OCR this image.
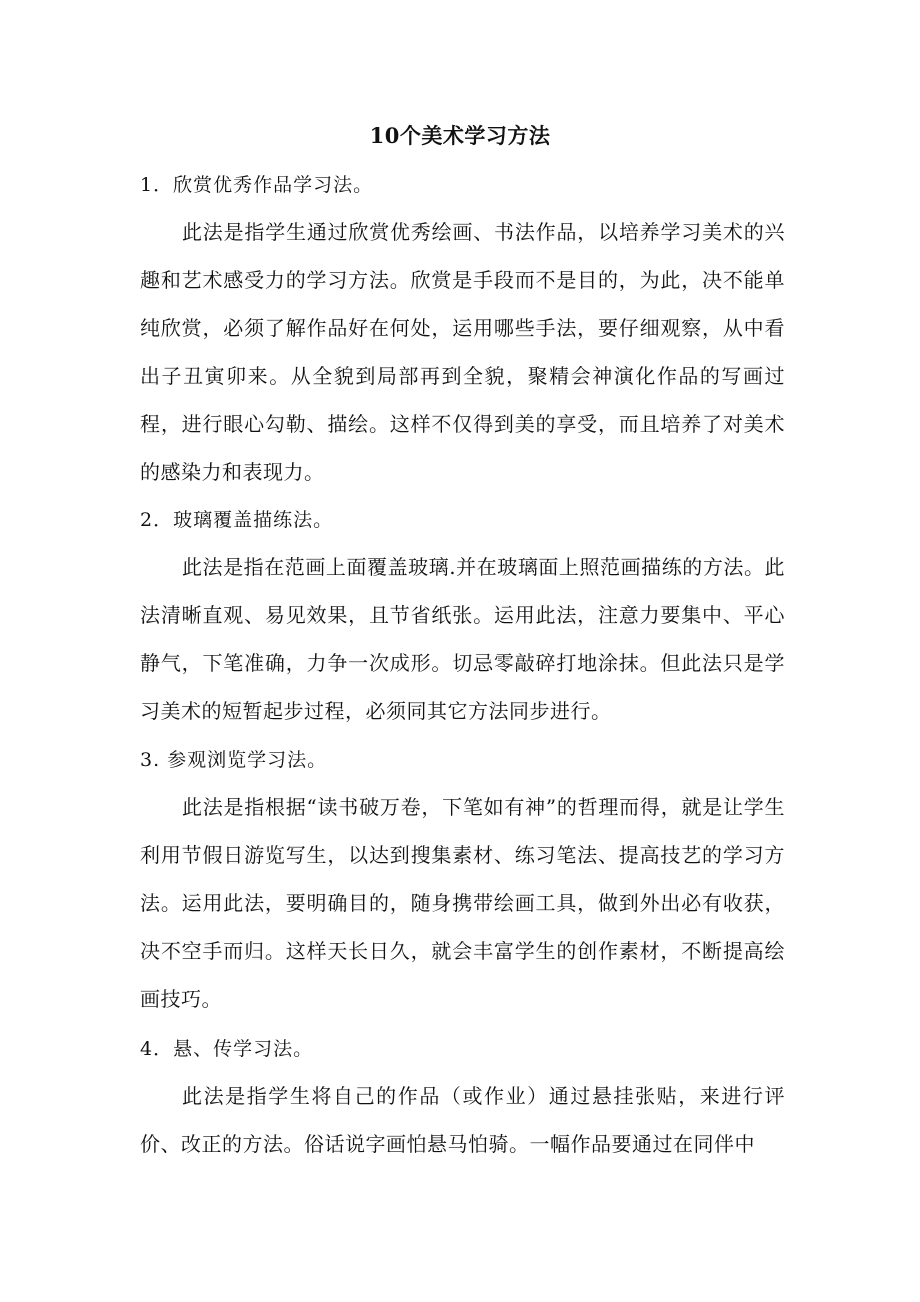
10个美术学习方法
1．欣赏优秀作品学习法。
此法是指学生通过欣赏优秀绘画、书法作品，以培养学习美术的兴趣和艺术感受力的学习方法。欣赏是手段而不是目的，为此，决不能单纯欣赏，必须了解作品好在何处，运用哪些手法，要仔细观察，从中看出子丑寅卯来。从全貌到局部再到全貌，聚精会神演化作品的写画过程，进行眼心勾勒、描绘。这样不仅得到美的享受，而且培养了对美术的感染力和表现力。
2．玻璃覆盖描练法。
此法是指在范画上面覆盖玻璃.并在玻璃面上照范画描练的方法。此法清晰直观、易见效果，且节省纸张。运用此法，注意力要集中、平心静气，下笔准确，力争一次成形。切忌零敲碎打地涂抹。但此法只是学习美术的短暂起步过程，必须同其它方法同步进行。
3. 参观浏览学习法。
此法是指根据“读书破万卷，下笔如有神”的哲理而得，就是让学生利用节假日游览写生，以达到搜集素材、练习笔法、提高技艺的学习方法。运用此法，要明确目的，随身携带绘画工具，做到外出必有收获，决不空手而归。这样天长日久，就会丰富学生的创作素材，不断提高绘画技巧。
4．悬、传学习法。
此法是指学生将自己的作品（或作业）通过悬挂张贴，来进行评价、改正的方法。俗话说字画怕悬马怕骑。一幅作品要通过在同伴中
